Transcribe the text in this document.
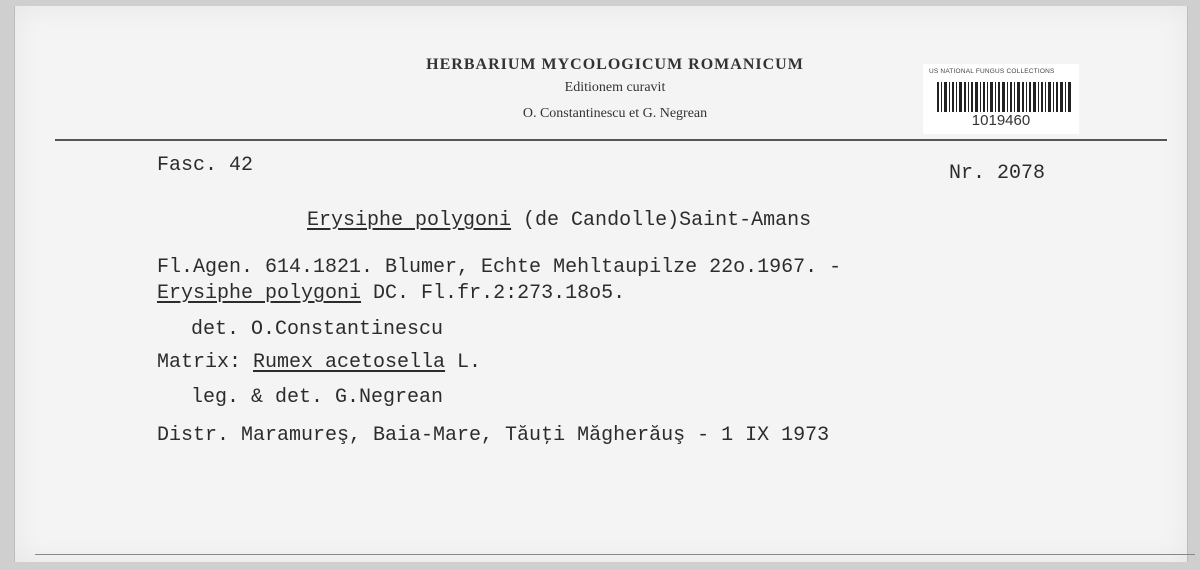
HERBARIUM MYCOLOGICUM ROMANICUM
Editionem curavit
O. Constantinescu et G. Negrean
US NATIONAL FUNGUS COLLECTIONS
1019460
Fasc. 42	Nr. 2078
Erysiphe polygoni (de Candolle)Saint-Amans
Fl.Agen. 614.1821. Blumer, Echte Mehltaupilze 22o.1967. -
Erysiphe polygoni DC. Fl.fr.2:273.18o5.
det. O.Constantinescu
Matrix: Rumex acetosella L.
leg. & det. G.Negrean
Distr. Maramureş, Baia-Mare, Tăuţi Măgherăuş - 1 IX 1973
